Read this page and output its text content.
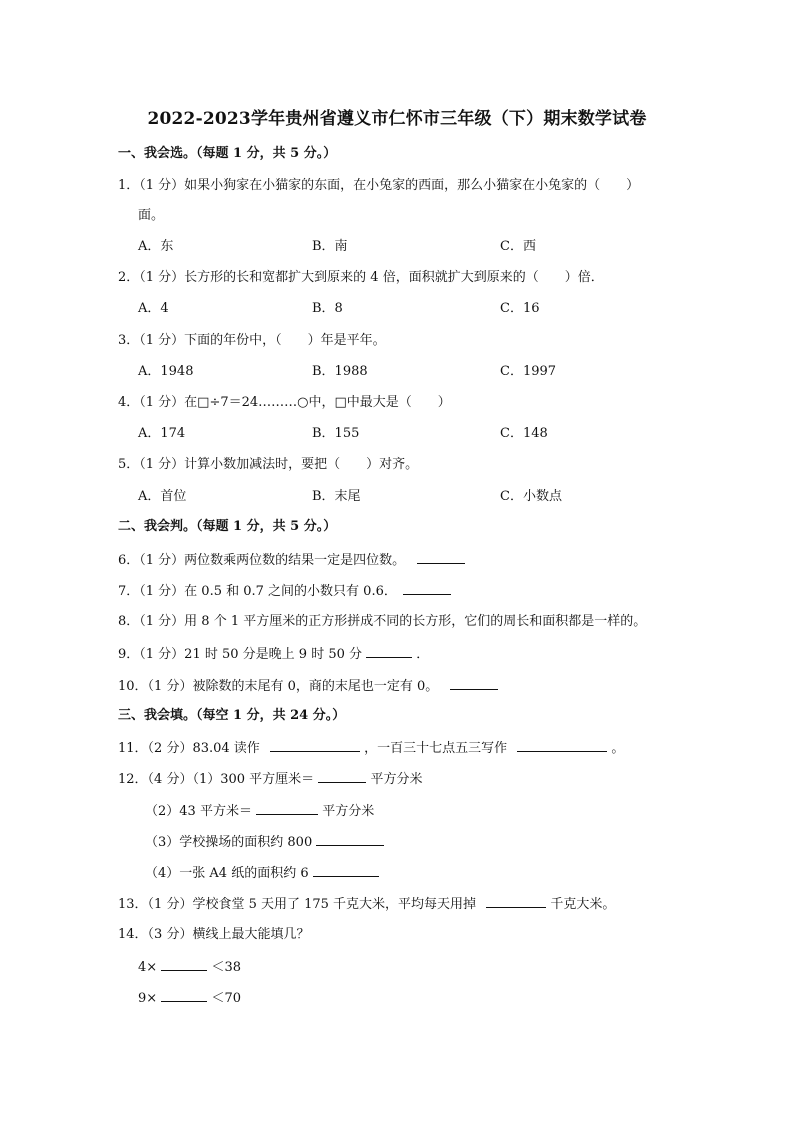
2022-2023学年贵州省遵义市仁怀市三年级（下）期末数学试卷
一、我会选。（每题 1 分，共 5 分。）
1．（1 分）如果小狗家在小猫家的东面，在小兔家的西面，那么小猫家在小兔家的（　　）
面。
A．东	B．南	C．西
2．（1 分）长方形的长和宽都扩大到原来的 4 倍，面积就扩大到原来的（　　）倍．
A．4	B．8	C．16
3．（1 分）下面的年份中，（　　）年是平年。
A．1948	B．1988	C．1997
4．（1 分）在□÷7＝24………○中，□中最大是（　　）
A．174	B．155	C．148
5．（1 分）计算小数加减法时，要把（　　）对齐。
A．首位	B．末尾	C．小数点
二、我会判。（每题 1 分，共 5 分。）
6．（1 分）两位数乘两位数的结果一定是四位数。
7．（1 分）在 0.5 和 0.7 之间的小数只有 0.6．
8．（1 分）用 8 个 1 平方厘米的正方形拼成不同的长方形，它们的周长和面积都是一样的。
9．（1 分）21 时 50 分是晚上 9 时 50 分	．
10．（1 分）被除数的末尾有 0，商的末尾也一定有 0。
三、我会填。（每空 1 分，共 24 分。）
11．（2 分）83.04 读作	，一百三十七点五三写作	。
12．（4 分）（1）300 平方厘米＝	平方分米
（2）43 平方米＝	平方分米
（3）学校操场的面积约 800
（4）一张 A4 纸的面积约 6
13．（1 分）学校食堂 5 天用了 175 千克大米，平均每天用掉	千克大米。
14．（3 分）横线上最大能填几？
4×	＜38
9×	＜70
